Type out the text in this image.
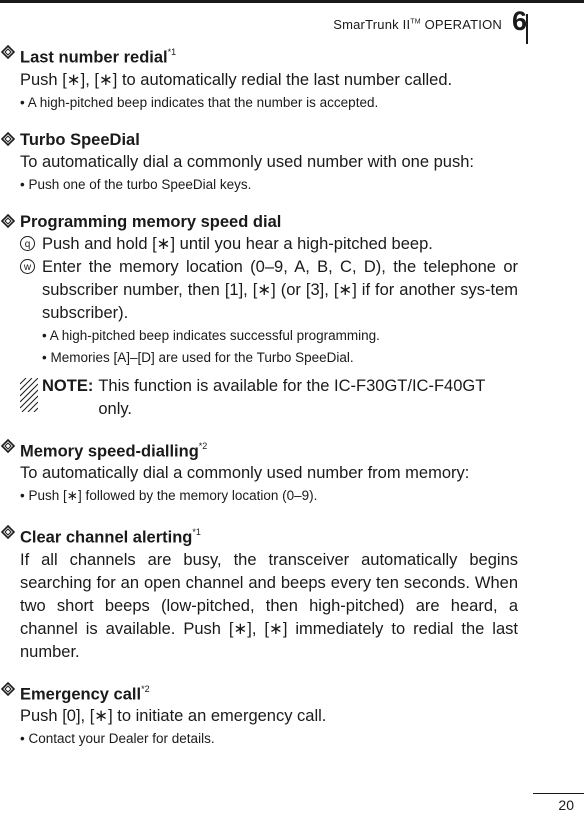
SmarTrunk II™ OPERATION 6
Last number redial$^{*1}$
Push [∗], [∗] to automatically redial the last number called.
• A high-pitched beep indicates that the number is accepted.
Turbo SpeeDial
To automatically dial a commonly used number with one push:
• Push one of the turbo SpeeDial keys.
Programming memory speed dial
q Push and hold [∗] until you hear a high-pitched beep.
w Enter the memory location (0–9, A, B, C, D), the telephone or subscriber number, then [1], [∗] (or [3], [∗] if for another sys-tem subscriber).
• A high-pitched beep indicates successful programming.
• Memories [A]–[D] are used for the Turbo SpeeDial.
NOTE: This function is available for the IC-F30GT/IC-F40GT only.
Memory speed-dialling$^{*2}$
To automatically dial a commonly used number from memory:
• Push [∗] followed by the memory location (0–9).
Clear channel alerting$^{*1}$
If all channels are busy, the transceiver automatically begins searching for an open channel and beeps every ten seconds. When two short beeps (low-pitched, then high-pitched) are heard, a channel is available. Push [∗], [∗] immediately to redial the last number.
Emergency call$^{*2}$
Push [0], [∗] to initiate an emergency call.
• Contact your Dealer for details.
20
